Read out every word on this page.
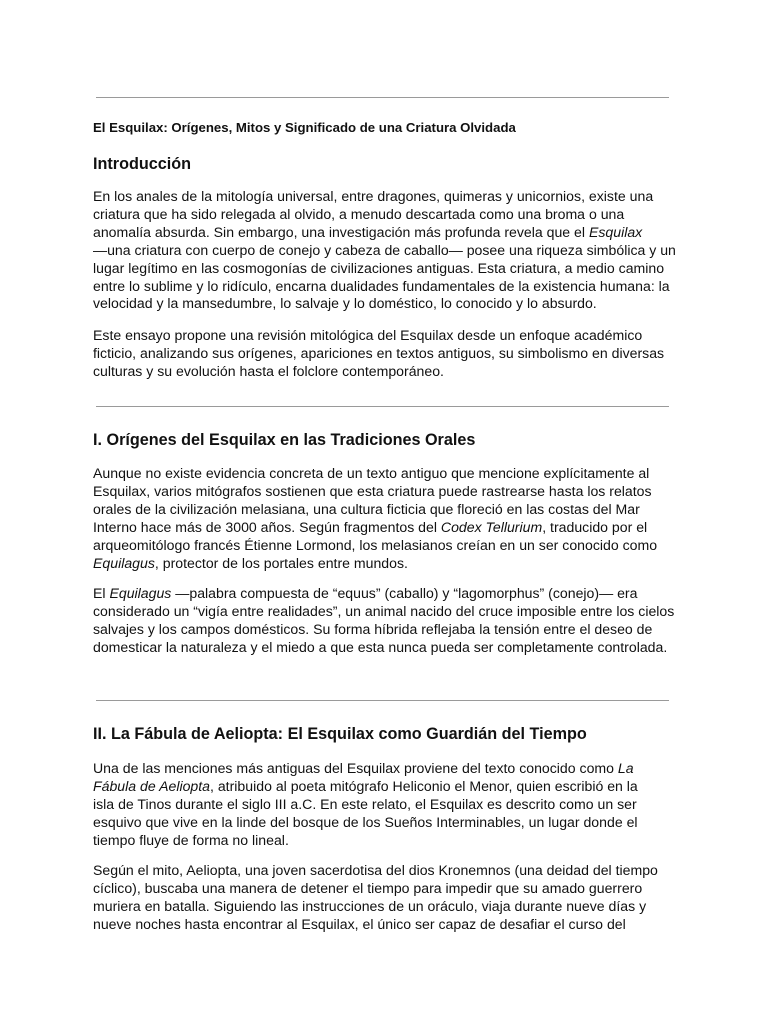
El Esquilax: Orígenes, Mitos y Significado de una Criatura Olvidada
Introducción

En los anales de la mitología universal, entre dragones, quimeras y unicornios, existe una criatura que ha sido relegada al olvido, a menudo descartada como una broma o una anomalía absurda. Sin embargo, una investigación más profunda revela que el Esquilax
—una criatura con cuerpo de conejo y cabeza de caballo— posee una riqueza simbólica y un lugar legítimo en las cosmogonías de civilizaciones antiguas. Esta criatura, a medio camino entre lo sublime y lo ridículo, encarna dualidades fundamentales de la existencia humana: la velocidad y la mansedumbre, lo salvaje y lo doméstico, lo conocido y lo absurdo.

Este ensayo propone una revisión mitológica del Esquilax desde un enfoque académico ficticio, analizando sus orígenes, apariciones en textos antiguos, su simbolismo en diversas culturas y su evolución hasta el folclore contemporáneo.

I. Orígenes del Esquilax en las Tradiciones Orales

Aunque no existe evidencia concreta de un texto antiguo que mencione explícitamente al Esquilax, varios mitógrafos sostienen que esta criatura puede rastrearse hasta los relatos orales de la civilización melasiana, una cultura ficticia que floreció en las costas del Mar Interno hace más de 3000 años. Según fragmentos del Codex Tellurium, traducido por el arqueomitólogo francés Étienne Lormond, los melasianos creían en un ser conocido como Equilagus, protector de los portales entre mundos.

El Equilagus —palabra compuesta de “equus” (caballo) y “lagomorphus” (conejo)— era considerado un “vigía entre realidades”, un animal nacido del cruce imposible entre los cielos salvajes y los campos domésticos. Su forma híbrida reflejaba la tensión entre el deseo de domesticar la naturaleza y el miedo a que esta nunca pueda ser completamente controlada.

II. La Fábula de Aeliopta: El Esquilax como Guardián del Tiempo

Una de las menciones más antiguas del Esquilax proviene del texto conocido como La Fábula de Aeliopta, atribuido al poeta mitógrafo Heliconio el Menor, quien escribió en la isla de Tinos durante el siglo III a.C. En este relato, el Esquilax es descrito como un ser esquivo que vive en la linde del bosque de los Sueños Interminables, un lugar donde el tiempo fluye de forma no lineal.

Según el mito, Aeliopta, una joven sacerdotisa del dios Kronemnos (una deidad del tiempo cíclico), buscaba una manera de detener el tiempo para impedir que su amado guerrero muriera en batalla. Siguiendo las instrucciones de un oráculo, viaja durante nueve días y nueve noches hasta encontrar al Esquilax, el único ser capaz de desafiar el curso del
